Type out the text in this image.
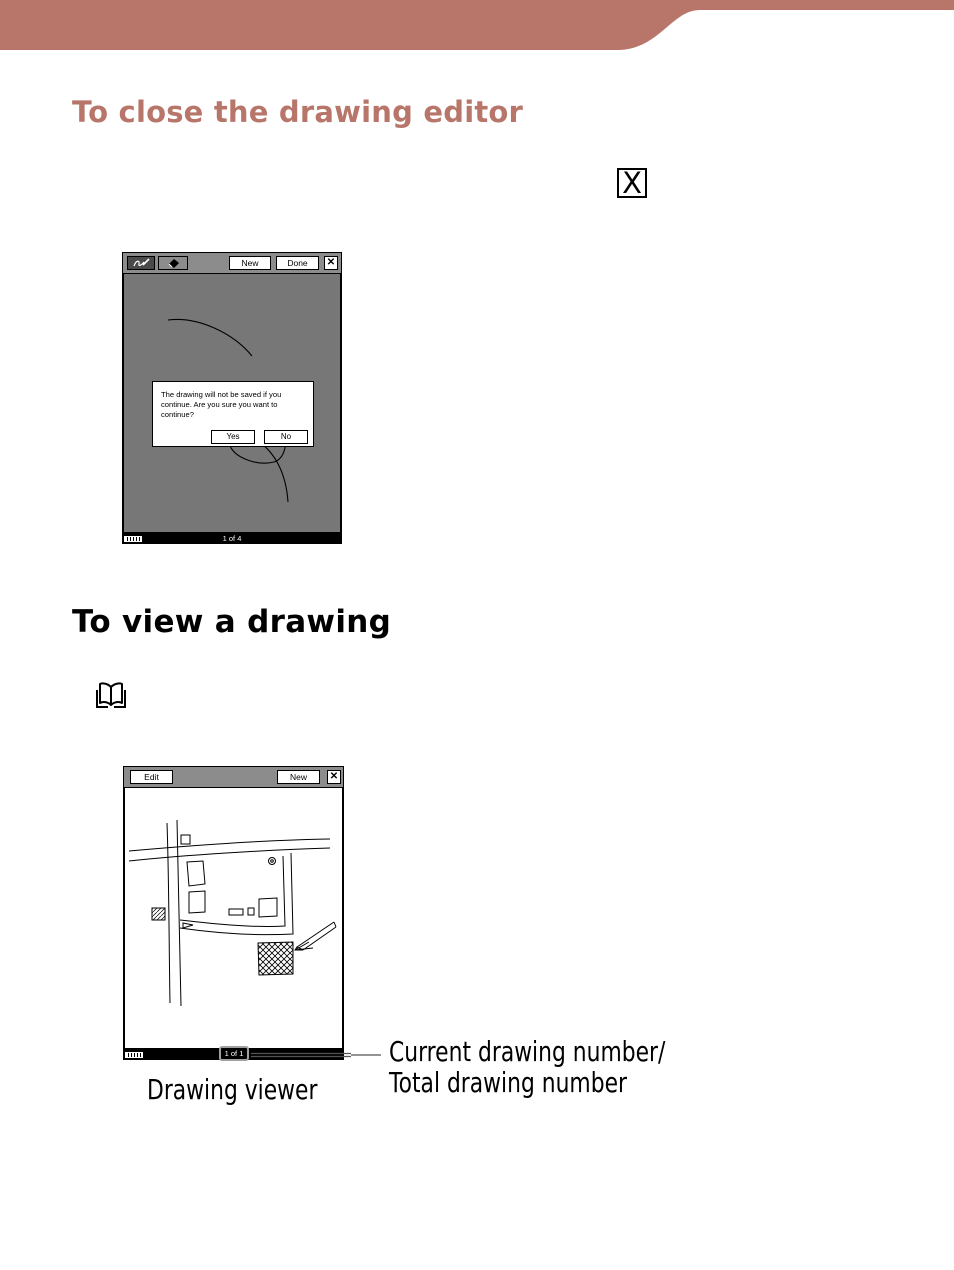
To close the drawing editor
X
New	Done	✕
The drawing will not be saved if you continue. Are you sure you want to continue?
Yes	No
1 of 4
To view a drawing
Edit	New	✕
1 of 1	Current drawing number/
Total drawing number
Drawing viewer
